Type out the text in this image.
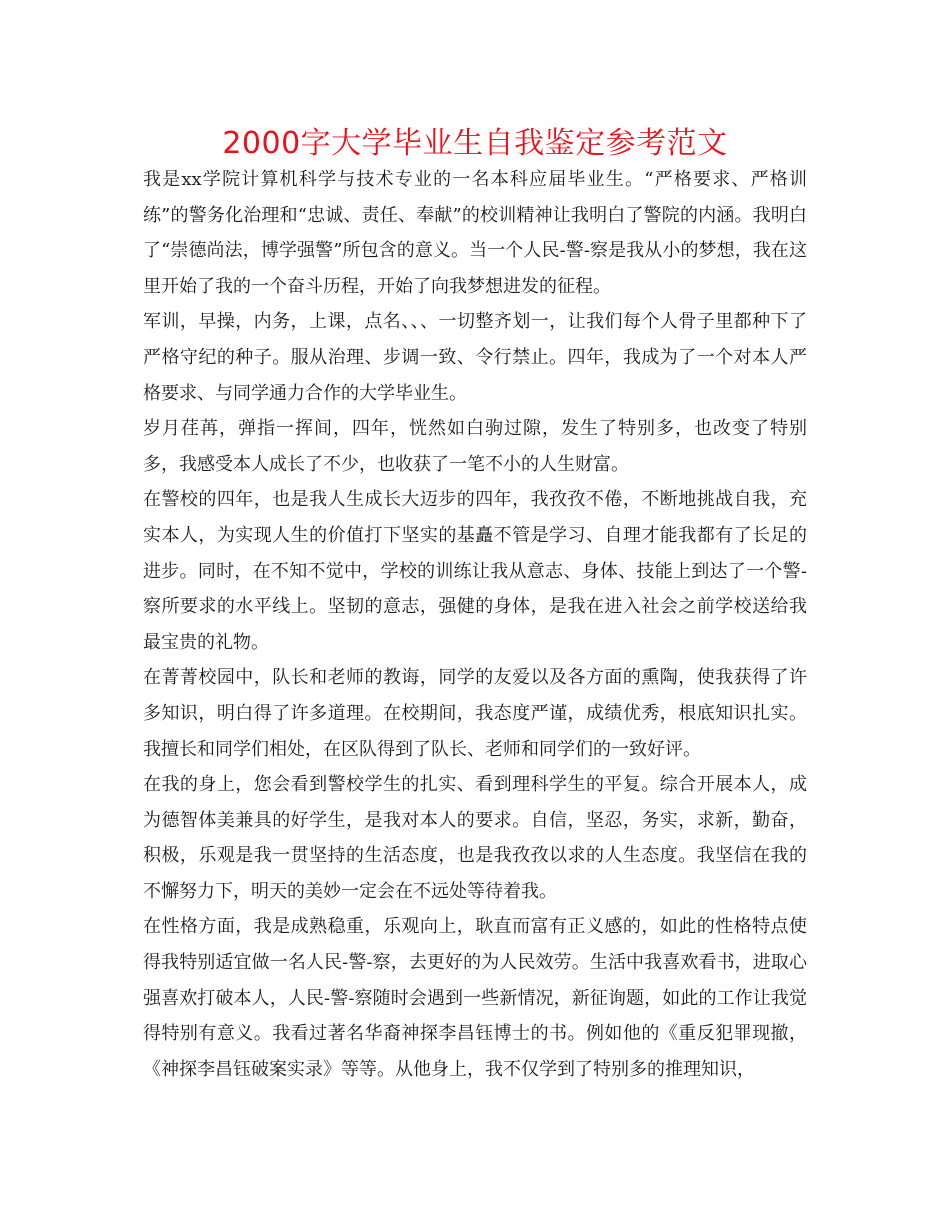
2000字大学毕业生自我鉴定参考范文

我是xx学院计算机科学与技术专业的一名本科应届毕业生。“严格要求、严格训练”的警务化治理和“忠诚、责任、奉献”的校训精神让我明白了警院的内涵。我明白了“崇德尚法，博学强警”所包含的意义。当一个人民-警-察是我从小的梦想，我在这里开始了我的一个奋斗历程，开始了向我梦想进发的征程。

军训，早操，内务，上课，点名、、、一切整齐划一，让我们每个人骨子里都种下了严格守纪的种子。服从治理、步调一致、令行禁止。四年，我成为了一个对本人严格要求、与同学通力合作的大学毕业生。

岁月荏苒，弹指一挥间，四年，恍然如白驹过隙，发生了特别多，也改变了特别多，我感受本人成长了不少，也收获了一笔不小的人生财富。

在警校的四年，也是我人生成长大迈步的四年，我孜孜不倦，不断地挑战自我，充实本人，为实现人生的价值打下坚实的基矗不管是学习、自理才能我都有了长足的进步。同时，在不知不觉中，学校的训练让我从意志、身体、技能上到达了一个警-察所要求的水平线上。坚韧的意志，强健的身体，是我在进入社会之前学校送给我最宝贵的礼物。

在菁菁校园中，队长和老师的教诲，同学的友爱以及各方面的熏陶，使我获得了许多知识，明白得了许多道理。在校期间，我态度严谨，成绩优秀，根底知识扎实。我擅长和同学们相处，在区队得到了队长、老师和同学们的一致好评。

在我的身上，您会看到警校学生的扎实、看到理科学生的平复。综合开展本人，成为德智体美兼具的好学生，是我对本人的要求。自信，坚忍，务实，求新，勤奋，积极，乐观是我一贯坚持的生活态度，也是我孜孜以求的人生态度。我坚信在我的不懈努力下，明天的美妙一定会在不远处等待着我。

在性格方面，我是成熟稳重，乐观向上，耿直而富有正义感的，如此的性格特点使得我特别适宜做一名人民-警-察，去更好的为人民效劳。生活中我喜欢看书，进取心强喜欢打破本人，人民-警-察随时会遇到一些新情况，新征询题，如此的工作让我觉得特别有意义。我看过著名华裔神探李昌钰博士的书。例如他的《重反犯罪现撤，《神探李昌钰破案实录》等等。从他身上，我不仅学到了特别多的推理知识，
